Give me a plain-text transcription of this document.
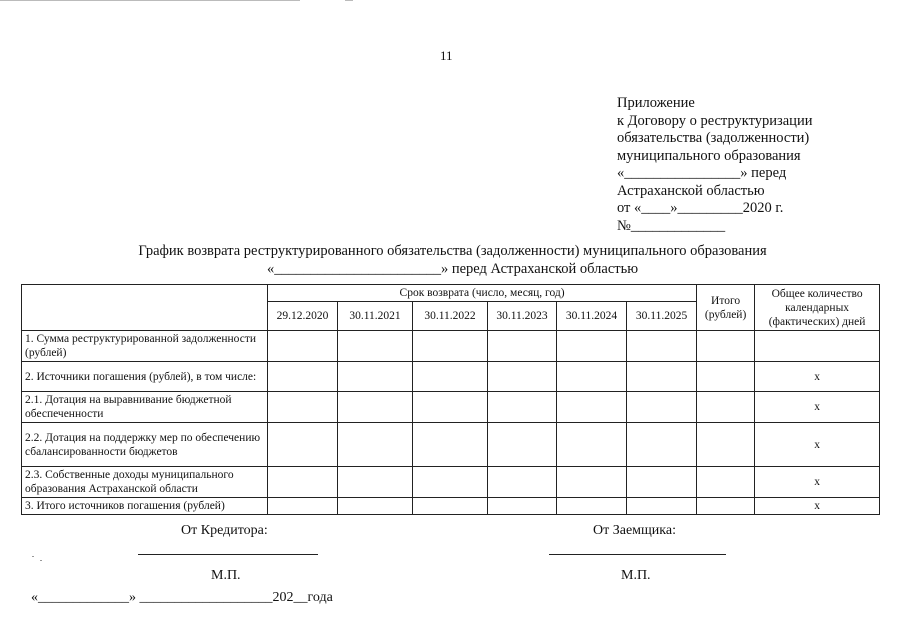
11
Приложение
к Договору о реструктуризации
обязательства (задолженности)
муниципального образования
«________________» перед
Астраханской областью
от «____»_________2020 г.
№_____________
График возврата реструктурированного обязательства (задолженности) муниципального образования
«_______________________» перед Астраханской областью
	Срок возврата (число, месяц, год)						Итого (рублей)	Общее количество календарных (фактических) дней
	29.12.2020	30.11.2021	30.11.2022	30.11.2023	30.11.2024	30.11.2025		
1. Сумма реструктурированной задолженности (рублей)								
2. Источники погашения (рублей), в том числе:								x
2.1. Дотация на выравнивание бюджетной обеспеченности								x
2.2. Дотация на поддержку мер по обеспечению сбалансированности бюджетов								x
2.3. Собственные доходы муниципального образования Астраханской области								x
3. Итого источников погашения (рублей)								x
От Кредитора:	От Заемщика:
М.П.	М.П.
«_____________» ___________________202__года
